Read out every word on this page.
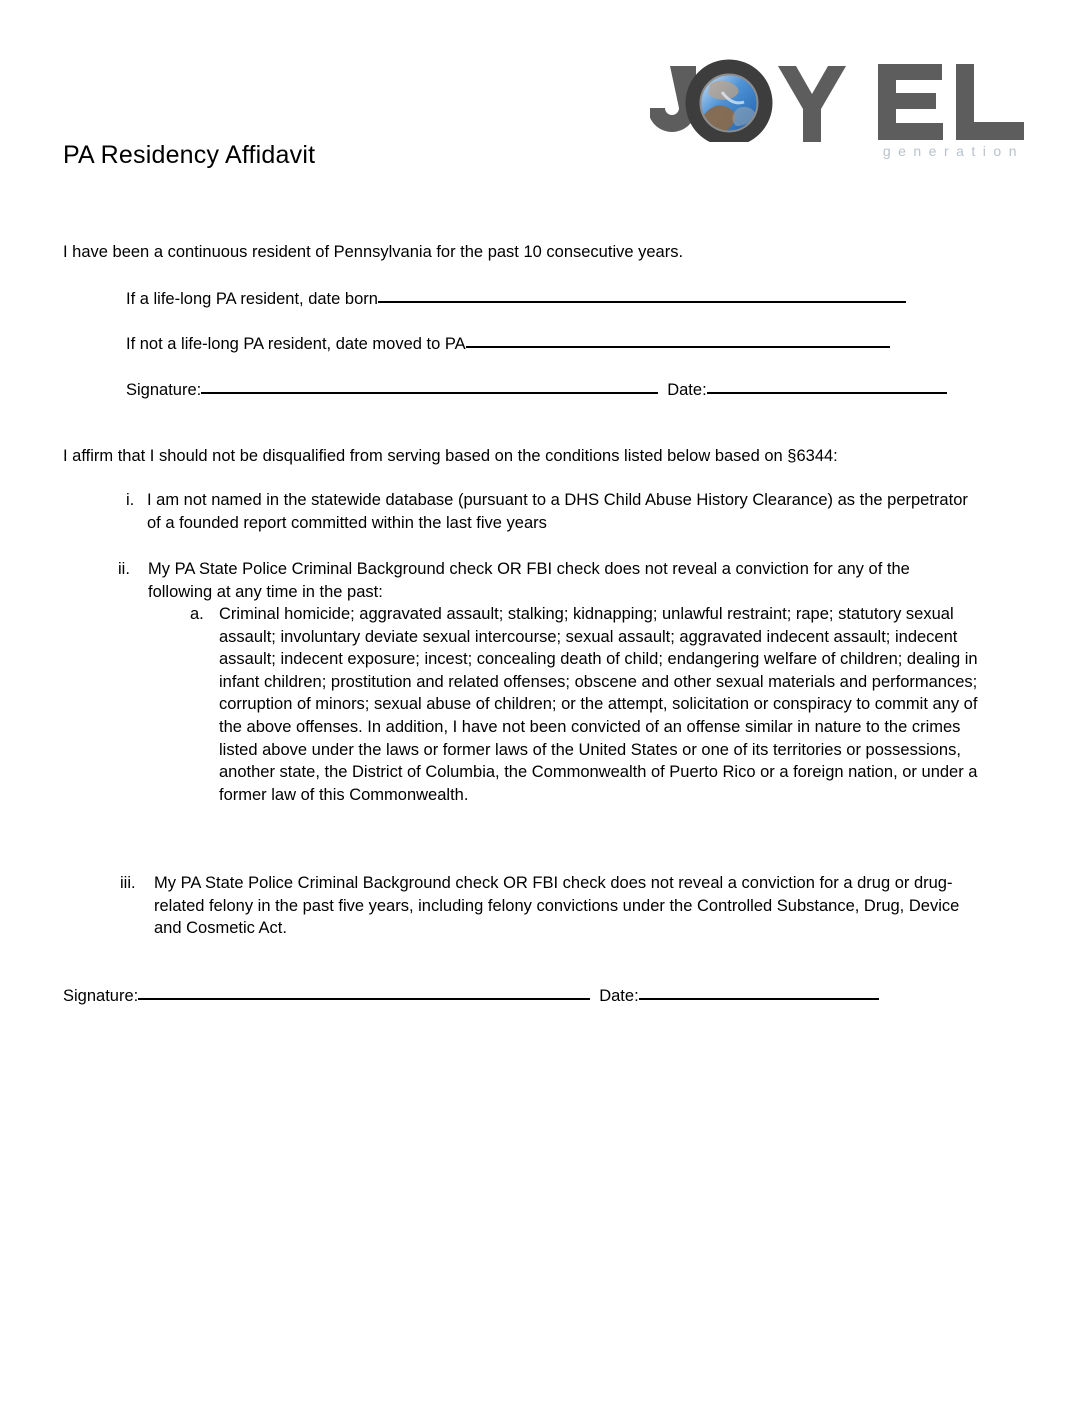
PA Residency Affidavit	generation
I have been a continuous resident of Pennsylvania for the past 10 consecutive years.
If a life-long PA resident, date born
If not a life-long PA resident, date moved to PA
Signature:	Date:
I affirm that I should not be disqualified from serving based on the conditions listed below based on §6344:
i. I am not named in the statewide database (pursuant to a DHS Child Abuse History Clearance) as the perpetrator of a founded report committed within the last five years
ii.	My PA State Police Criminal Background check OR FBI check does not reveal a conviction for any of the following at any time in the past:
a. Criminal homicide; aggravated assault; stalking; kidnapping; unlawful restraint; rape; statutory sexual assault; involuntary deviate sexual intercourse; sexual assault; aggravated indecent assault; indecent assault; indecent exposure; incest; concealing death of child; endangering welfare of children; dealing in infant children; prostitution and related offenses; obscene and other sexual materials and performances; corruption of minors; sexual abuse of children; or the attempt, solicitation or conspiracy to commit any of the above offenses. In addition, I have not been convicted of an offense similar in nature to the crimes listed above under the laws or former laws of the United States or one of its territories or possessions, another state, the District of Columbia, the Commonwealth of Puerto Rico or a foreign nation, or under a former law of this Commonwealth.
iii.	My PA State Police Criminal Background check OR FBI check does not reveal a conviction for a drug or drug-related felony in the past five years, including felony convictions under the Controlled Substance, Drug, Device and Cosmetic Act.
Signature:	Date:
